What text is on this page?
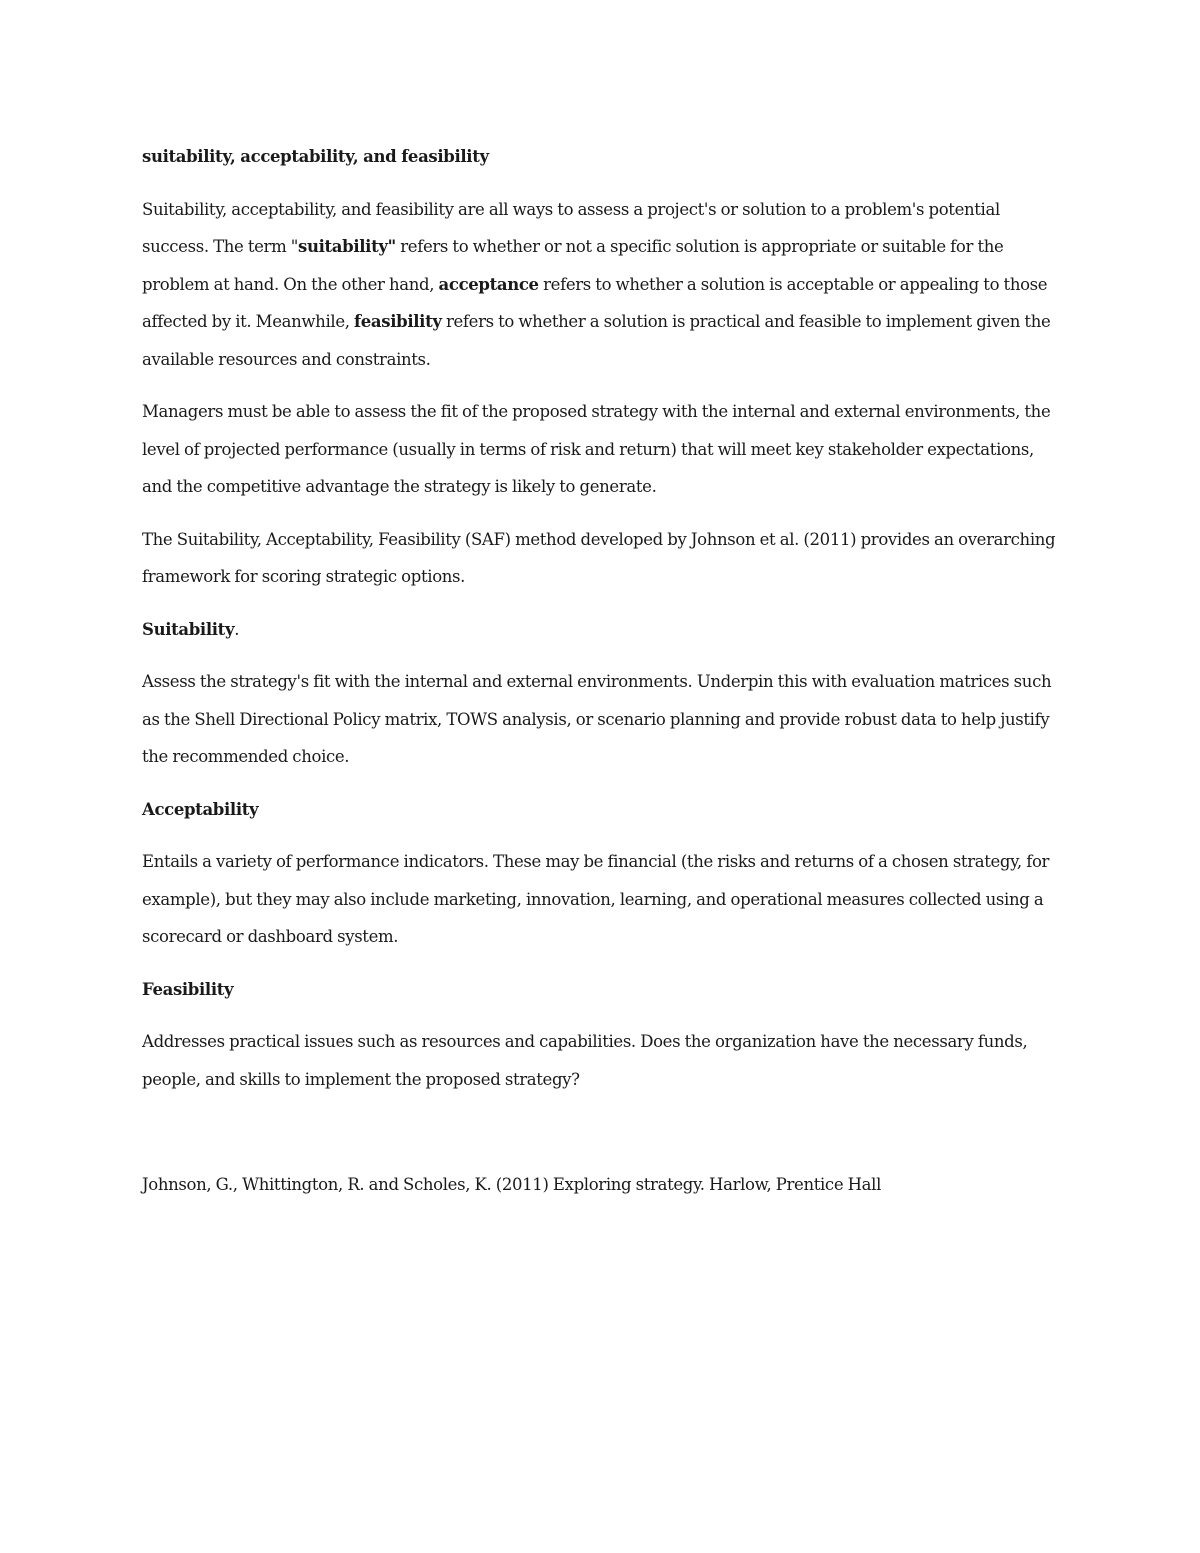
suitability, acceptability, and feasibility

Suitability, acceptability, and feasibility are all ways to assess a project's or solution to a problem's potential success. The term "suitability" refers to whether or not a specific solution is appropriate or suitable for the problem at hand. On the other hand, acceptance refers to whether a solution is acceptable or appealing to those affected by it. Meanwhile, feasibility refers to whether a solution is practical and feasible to implement given the available resources and constraints.

Managers must be able to assess the fit of the proposed strategy with the internal and external environments, the level of projected performance (usually in terms of risk and return) that will meet key stakeholder expectations, and the competitive advantage the strategy is likely to generate.

The Suitability, Acceptability, Feasibility (SAF) method developed by Johnson et al. (2011) provides an overarching framework for scoring strategic options.

Suitability.

Assess the strategy's fit with the internal and external environments. Underpin this with evaluation matrices such as the Shell Directional Policy matrix, TOWS analysis, or scenario planning and provide robust data to help justify the recommended choice.

Acceptability

Entails a variety of performance indicators. These may be financial (the risks and returns of a chosen strategy, for example), but they may also include marketing, innovation, learning, and operational measures collected using a scorecard or dashboard system.

Feasibility

Addresses practical issues such as resources and capabilities. Does the organization have the necessary funds, people, and skills to implement the proposed strategy?

Johnson, G., Whittington, R. and Scholes, K. (2011) Exploring strategy. Harlow, Prentice Hall
